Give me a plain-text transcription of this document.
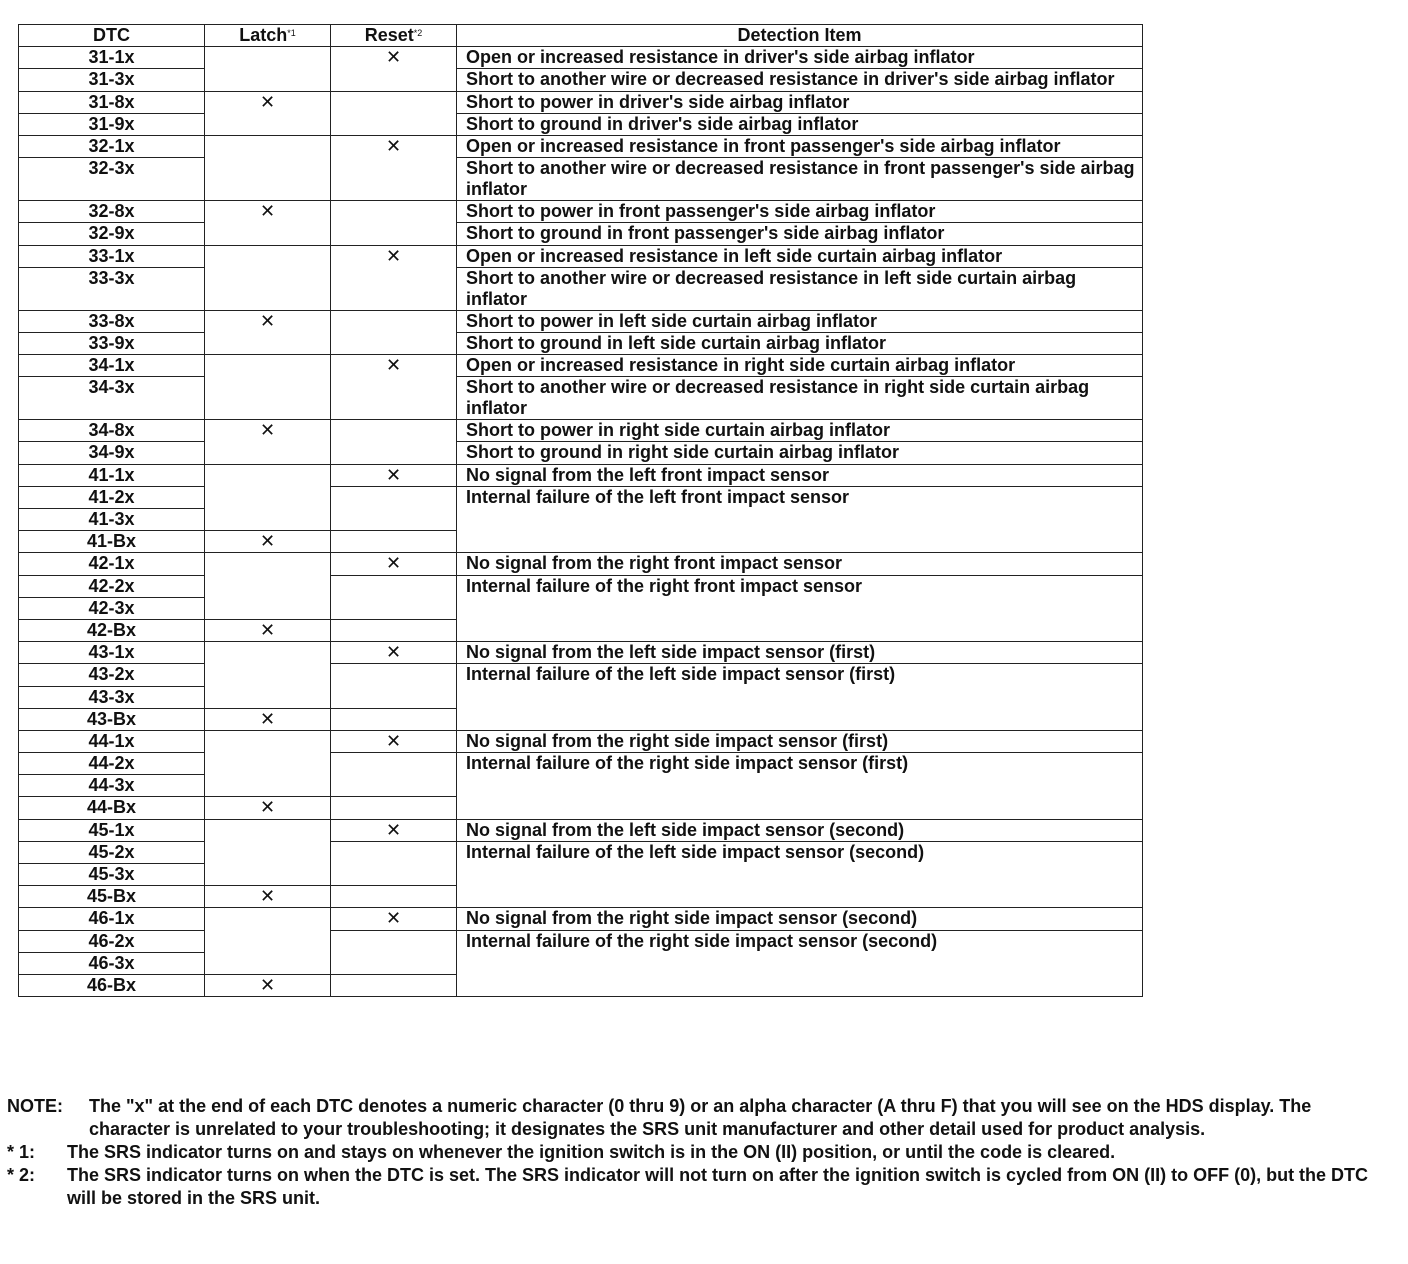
DTC	Latch$^{*1}$	Reset$^{*2}$	Detection Item
31-1x		✕	Open or increased resistance in driver's side airbag inflator
31-3x			Short to another wire or decreased resistance in driver's side airbag inflator
31-8x	✕		Short to power in driver's side airbag inflator
31-9x			Short to ground in driver's side airbag inflator
32-1x		✕	Open or increased resistance in front passenger's side airbag inflator
32-3x			Short to another wire or decreased resistance in front passenger's side airbag inflator
32-8x	✕		Short to power in front passenger's side airbag inflator
32-9x			Short to ground in front passenger's side airbag inflator
33-1x		✕	Open or increased resistance in left side curtain airbag inflator
33-3x			Short to another wire or decreased resistance in left side curtain airbag inflator
33-8x	✕		Short to power in left side curtain airbag inflator
33-9x			Short to ground in left side curtain airbag inflator
34-1x		✕	Open or increased resistance in right side curtain airbag inflator
34-3x			Short to another wire or decreased resistance in right side curtain airbag inflator
34-8x	✕		Short to power in right side curtain airbag inflator
34-9x			Short to ground in right side curtain airbag inflator
41-1x		✕	No signal from the left front impact sensor
41-2x			Internal failure of the left front impact sensor
41-3x			
41-Bx	✕		
42-1x		✕	No signal from the right front impact sensor
42-2x			Internal failure of the right front impact sensor
42-3x			
42-Bx	✕		
43-1x		✕	No signal from the left side impact sensor (first)
43-2x			Internal failure of the left side impact sensor (first)
43-3x			
43-Bx	✕		
44-1x		✕	No signal from the right side impact sensor (first)
44-2x			Internal failure of the right side impact sensor (first)
44-3x			
44-Bx	✕		
45-1x		✕	No signal from the left side impact sensor (second)
45-2x			Internal failure of the left side impact sensor (second)
45-3x			
45-Bx	✕		
46-1x		✕	No signal from the right side impact sensor (second)
46-2x			Internal failure of the right side impact sensor (second)
46-3x			
46-Bx	✕		
NOTE:	The "x" at the end of each DTC denotes a numeric character (0 thru 9) or an alpha character (A thru F) that you will see on the HDS display. The character is unrelated to your troubleshooting; it designates the SRS unit manufacturer and other detail used for product analysis.
* 1:	The SRS indicator turns on and stays on whenever the ignition switch is in the ON (II) position, or until the code is cleared.
* 2:	The SRS indicator turns on when the DTC is set. The SRS indicator will not turn on after the ignition switch is cycled from ON (II) to OFF (0), but the DTC will be stored in the SRS unit.
